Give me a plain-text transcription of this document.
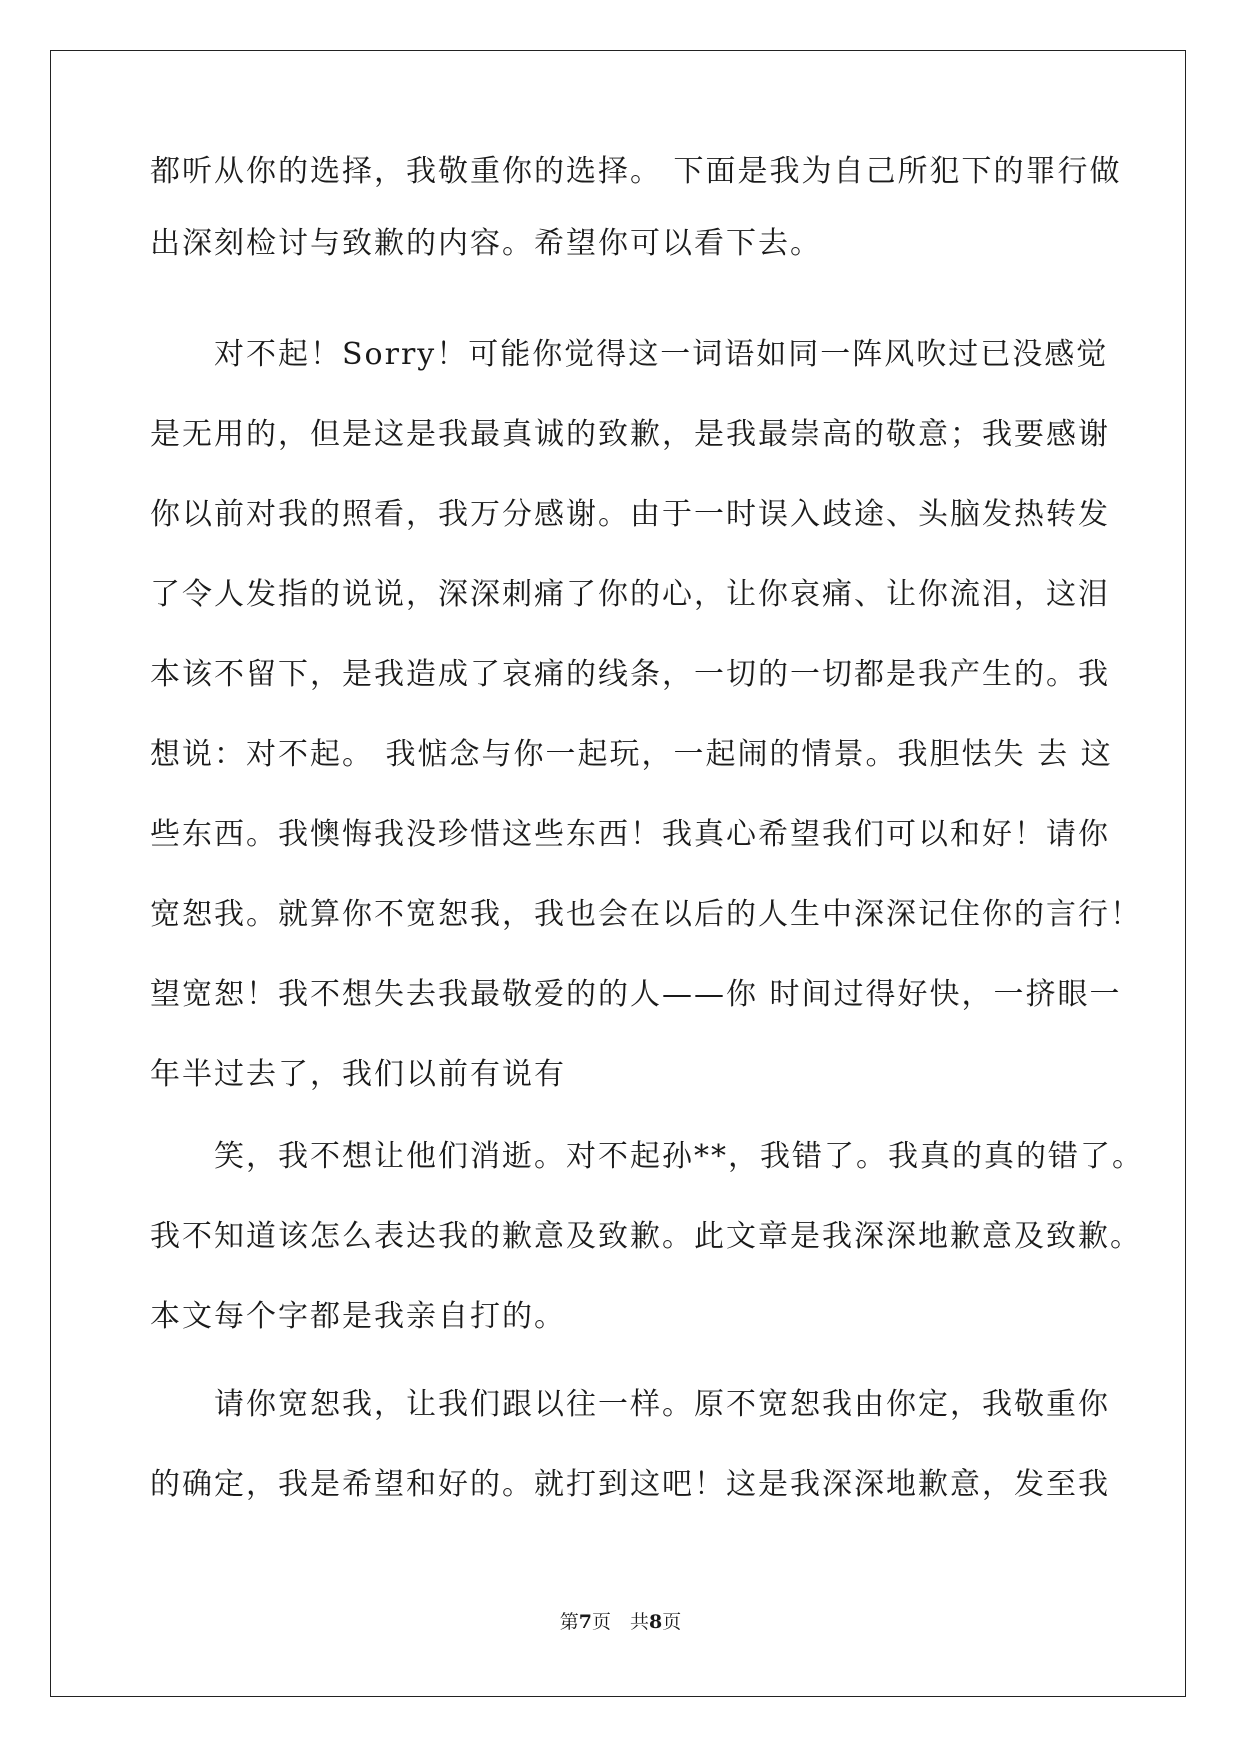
都听从你的选择，我敬重你的选择。 下面是我为自己所犯下的罪行做
出深刻检讨与致歉的内容。希望你可以看下去。
　　对不起！Sorry！可能你觉得这一词语如同一阵风吹过已没感觉
是无用的，但是这是我最真诚的致歉，是我最崇高的敬意；我要感谢
你以前对我的照看，我万分感谢。由于一时误入歧途、头脑发热转发
了令人发指的说说，深深刺痛了你的心，让你哀痛、让你流泪，这泪
本该不留下，是我造成了哀痛的线条，一切的一切都是我产生的。我
想说：对不起。 我惦念与你一起玩，一起闹的情景。我胆怯失 去 这
些东西。我懊悔我没珍惜这些东西！我真心希望我们可以和好！请你
宽恕我。就算你不宽恕我，我也会在以后的人生中深深记住你的言行！
望宽恕！我不想失去我最敬爱的的人——你 时间过得好快，一挤眼一
年半过去了，我们以前有说有
　　笑，我不想让他们消逝。对不起孙**，我错了。我真的真的错了。
我不知道该怎么表达我的歉意及致歉。此文章是我深深地歉意及致歉。
本文每个字都是我亲自打的。
　　请你宽恕我，让我们跟以往一样。原不宽恕我由你定，我敬重你
的确定，我是希望和好的。就打到这吧！这是我深深地歉意，发至我
第7页　共8页
